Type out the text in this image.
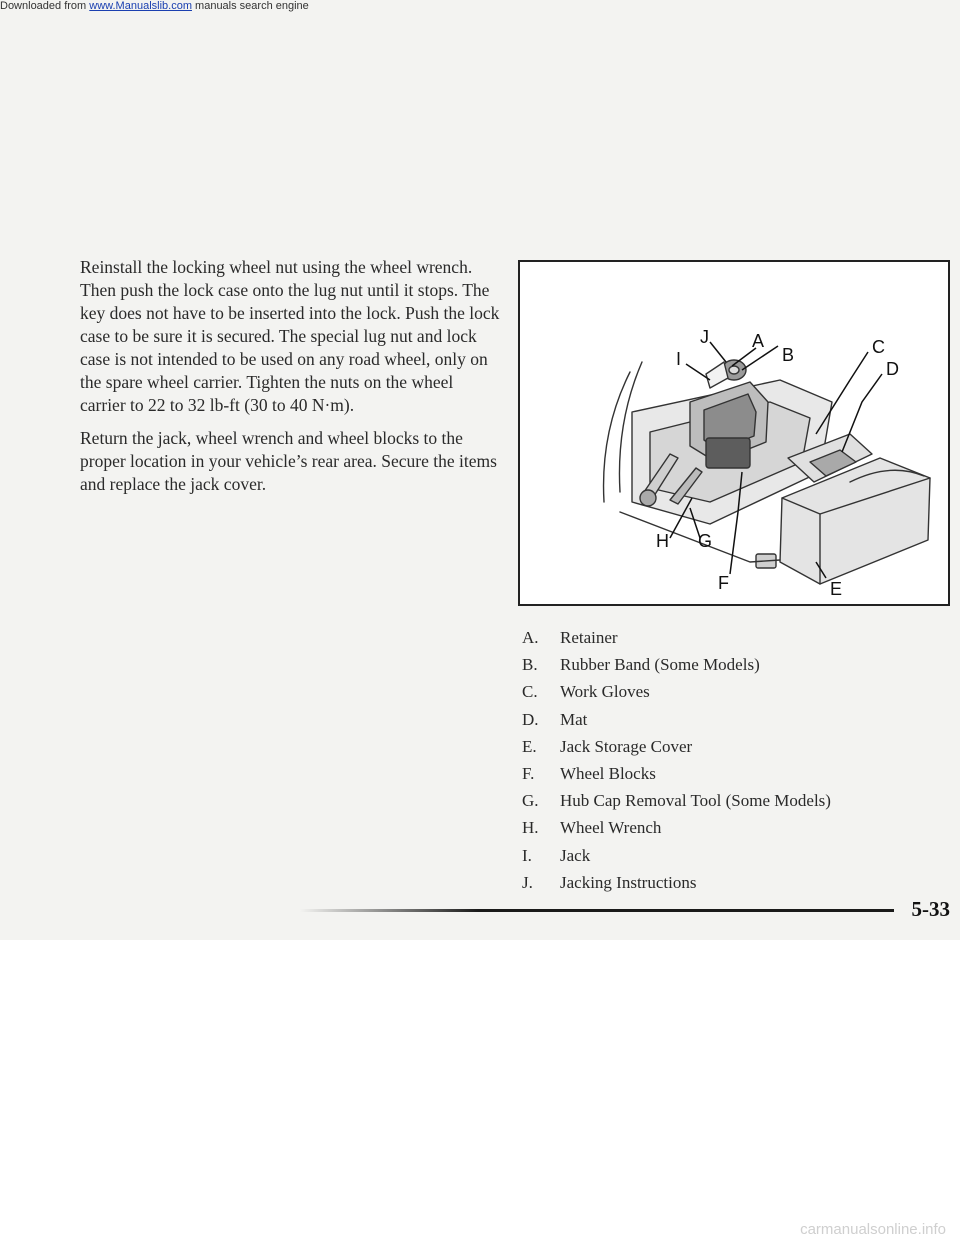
Reinstall the locking wheel nut using the wheel wrench. Then push the lock case onto the lug nut until it stops. The key does not have to be inserted into the lock. Push the lock case to be sure it is secured. The special lug nut and lock case is not intended to be used on any road wheel, only on the spare wheel carrier. Tighten the nuts on the wheel carrier to 22 to 32 lb-ft (30 to 40 N·m).

Return the jack, wheel wrench and wheel blocks to the proper location in your vehicle’s rear area. Secure the items and replace the jack cover.

A
B	C
D
E
F
G
H
I
J
A. Retainer
B. Rubber Band (Some Models)
C. Work Gloves
D. Mat
E. Jack Storage Cover
F. Wheel Blocks
G. Hub Cap Removal Tool (Some Models)
H. Wheel Wrench
I. Jack
J. Jacking Instructions
5-33
Downloaded from www.Manualslib.com manuals search engine
carmanualsonline.info
